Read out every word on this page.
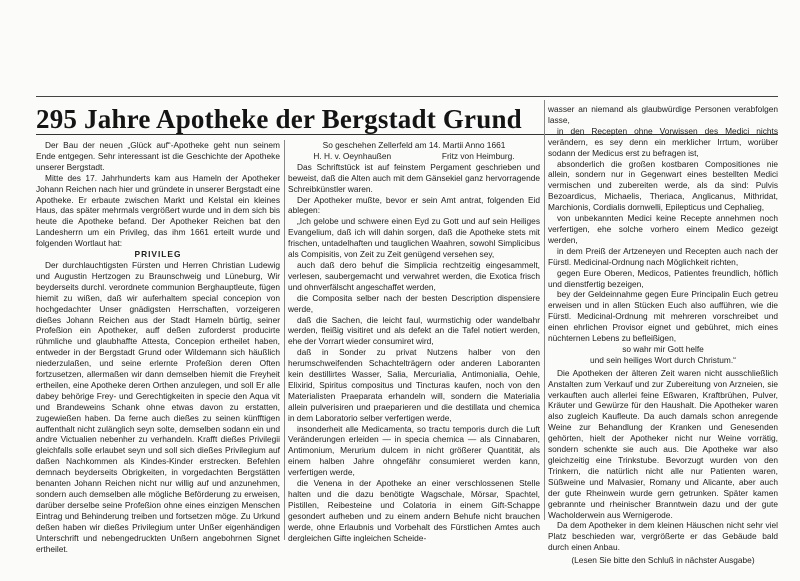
295 Jahre Apotheke der Bergstadt Grund

Der Bau der neuen „Glück auf“-Apotheke geht nun seinem Ende entgegen. Sehr interessant ist die Geschichte der Apotheke unserer Bergstadt.

Mitte des 17. Jahrhunderts kam aus Hameln der Apotheker Johann Reichen nach hier und gründete in unserer Bergstadt eine Apotheke. Er erbaute zwischen Markt und Kelstal ein kleines Haus, das später mehrmals vergrößert wurde und in dem sich bis heute die Apotheke befand. Der Apotheker Reichen bat den Landesherrn um ein Privileg, das ihm 1661 erteilt wurde und folgenden Wortlaut hat:

PRIVILEG

Der durchlauchtigsten Fürsten und Herren Christian Ludewig und Augustin Hertzogen zu Braunschweig und Lüneburg, Wir beyderseits durchl. verordnete communion Berghauptleute, fügen hiemit zu wißen, daß wir auferhaltem special concepion von hochgedachter Unser gnädigsten Herrschaften, vorzeigeren dießes Johann Reichen aus der Stadt Hameln bürtig, seiner Profeßion ein Apotheker, auff deßen zuforderst producirte rühmliche und glaubhaffte Attesta, Concepion ertheilet haben, entweder in der Bergstadt Grund oder Wildemann sich häußlich niederzulaßen, und seine erlernte Profeßion deren Often fortzusetzen, allermaßen wir dann demselben hiemit die Freyheit ertheilen, eine Apotheke deren Orthen anzulegen, und soll Er alle dabey behörige Frey- und Gerechtigkeiten in specie den Aqua vit und Brandeweins Schank ohne etwas davon zu erstatten, zugewießen haben. Da ferne auch dießes zu seinen künfftigen auffenthalt nicht zulänglich seyn solte, demselben sodann ein und andre Victualien nebenher zu verhandeln. Krafft dießes Privilegii gleichfalls solle erlaubet seyn und soll sich dießes Privilegium auf daßen Nachkommen als Kindes-Kinder erstrecken. Befehlen demnach beyderseits Obrigkeiten, in vorgedachten Bergstätten benanten Johann Reichen nicht nur willig auf und anzunehmen, sondern auch demselben alle mögliche Beförderung zu erweisen, darüber derselbe seine Profeßion ohne eines einzigen Menschen Eintrag und Behinderung treiben und fortsetzen möge. Zu Urkund deßen haben wir dießes Privilegium unter Unßer eigenhändigen Unterschrift und nebengedruckten Unßern angebohrnen Signet ertheilet.

So geschehen Zellerfeld am 14. Martii Anno 1661

H. H. v. Oeynhaußen	Fritz von Heimburg.

Das Schriftstück ist auf feinstem Pergament geschrieben und beweist, daß die Alten auch mit dem Gänsekiel ganz hervorragende Schreibkünstler waren.

Der Apotheker mußte, bevor er sein Amt antrat, folgenden Eid ablegen:

„Ich gelobe und schwere einen Eyd zu Gott und auf sein Heiliges Evangelium, daß ich will dahin sorgen, daß die Apotheke stets mit frischen, untadelhaften und tauglichen Waahren, sowohl Simplicibus als Compisitis, von Zeit zu Zeit genügend versehen sey,

auch daß dero behuf die Simplicia rechtzeitig eingesammelt, verlesen, saubergemacht und verwahret werden, die Exotica frisch und ohnverfälscht angeschaffet werden,

die Composita selber nach der besten Description dispensiere werde,

daß die Sachen, die leicht faul, wurmstichig oder wandelbahr werden, fleißig visitiret und als defekt an die Tafel notiert werden, ehe der Vorrart wieder consumiret wird,

daß in Sonder zu privat Nutzens halber von den herumschweifenden Schachtelträgern oder anderen Laboranten kein destillirtes Wasser, Salia, Mercurialia, Antimonialia, Oehle, Elixirid, Spiritus compositus und Tincturas kaufen, noch von den Materialisten Praeparata erhandeln will, sondern die Materialia allein pulverisiren und praeparieren und die destillata und chemica in dem Laboratorio selber verfertigen werde,

insonderheit alle Medicamenta, so tractu temporis durch die Luft Veränderungen erleiden — in specia chemica — als Cinnabaren, Antimonium, Merurium dulcem in nicht größerer Quantität, als einem halben Jahre ohngefähr consumieret werden kann, verfertigen werde,

die Venena in der Apotheke an einer verschlossenen Stelle halten und die dazu benötigte Wagschale, Mörsar, Spachtel, Pistillen, Reibesteine und Colatoria in einem Gift-Schappe gesondert aufheben und zu einem andern Behufe nicht brauchen werde, ohne Erlaubnis und Vorbehalt des Fürstlichen Amtes auch dergleichen Gifte ingleichen Scheide-

wasser an niemand als glaubwürdige Personen verabfolgen lasse,

in den Recepten ohne Vorwissen des Medici nichts verändern, es sey denn ein merklicher Irrtum, worüber sodann der Medicus erst zu befragen ist,

absonderlich die großen kostbaren Compositiones nie allein, sondern nur in Gegenwart eines bestellten Medici vermischen und zubereiten werde, als da sind: Pulvis Bezoardicus, Michaelis, Theriaca, Anglicanus, Mithridat, Marchionis, Cordialis dornwelli, Epilepticus und Cephalieg,

von unbekannten Medici keine Recepte annehmen noch verfertigen, ehe solche vorhero einem Medico gezeigt werden,

in dem Preiß der Artzeneyen und Recepten auch nach der Fürstl. Medicinal-Ordnung nach Möglichkeit richten,

gegen Eure Oberen, Medicos, Patientes freundlich, höflich und dienstfertig bezeigen,

bey der Geldeinnahme gegen Eure Principalin Euch getreu erweisen und in allen Stücken Euch also aufführen, wie die Fürstl. Medicinal-Ordnung mit mehreren vorschreibet und einen ehrlichen Provisor eignet und gebühret, mich eines nüchternen Lebens zu befleißigen,

so wahr mir Gott helfe

und sein heiliges Wort durch Christum.“

Die Apotheken der älteren Zeit waren nicht ausschließlich Anstalten zum Verkauf und zur Zubereitung von Arzneien, sie verkauften auch allerlei feine Eßwaren, Kraftbrühen, Pulver, Kräuter und Gewürze für den Haushalt. Die Apotheker waren also zugleich Kaufleute. Da auch damals schon anregende Weine zur Behandlung der Kranken und Genesenden gehörten, hielt der Apotheker nicht nur Weine vorrätig, sondern schenkte sie auch aus. Die Apotheke war also gleichzeitig eine Trinkstube. Bevorzugt wurden von den Trinkern, die natürlich nicht alle nur Patienten waren, Süßweine und Malvasier, Romany und Alicante, aber auch der gute Rheinwein wurde gern getrunken. Später kamen gebrannte und rheinischer Branntwein dazu und der gute Wacholderwein aus Wernigerode.

Da dem Apotheker in dem kleinen Häuschen nicht sehr viel Platz beschieden war, vergrößerte er das Gebäude bald durch einen Anbau.

(Lesen Sie bitte den Schluß in nächster Ausgabe)
